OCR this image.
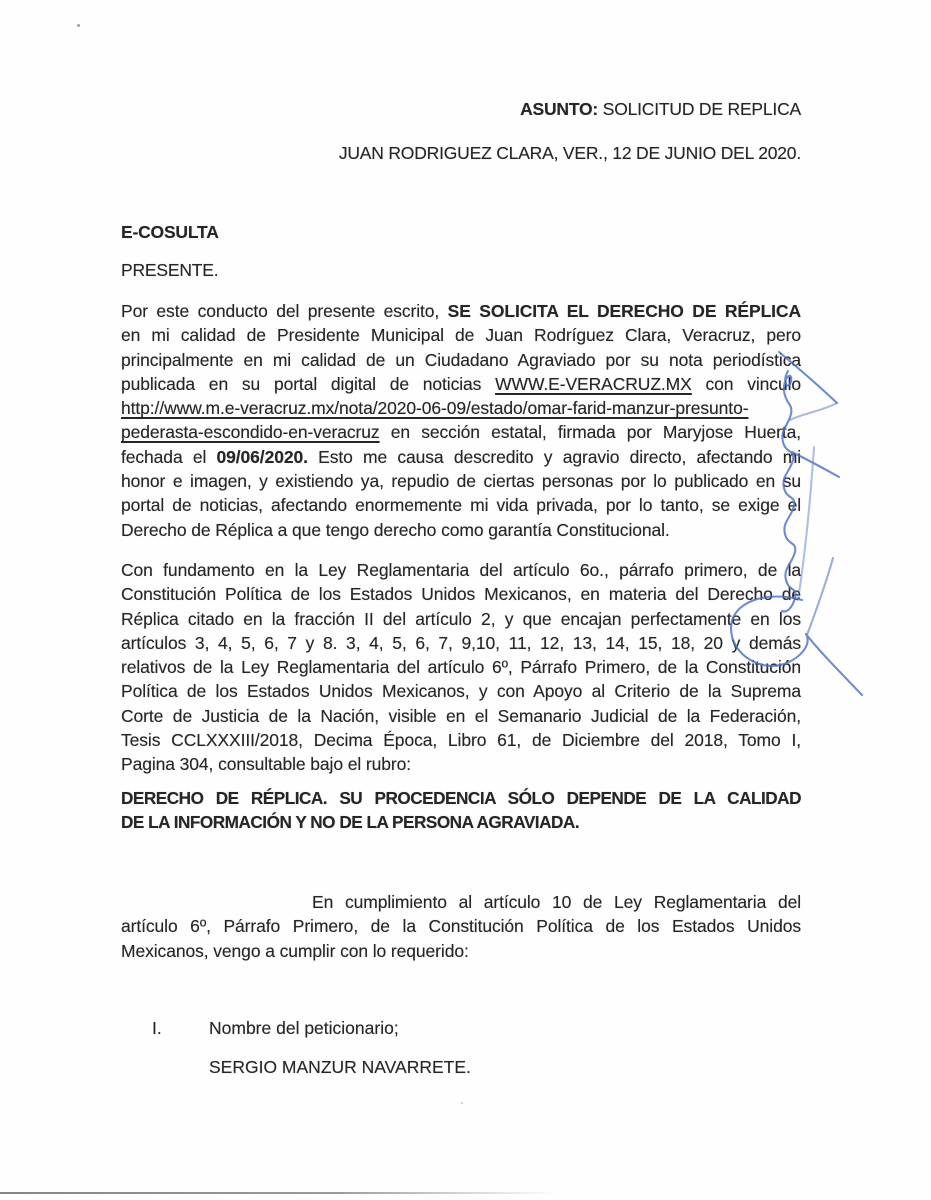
ASUNTO: SOLICITUD DE REPLICA
JUAN RODRIGUEZ CLARA, VER., 12 DE JUNIO DEL 2020.
E-COSULTA
PRESENTE.
Por este conducto del presente escrito, SE SOLICITA EL DERECHO DE RÉPLICA
en mi calidad de Presidente Municipal de Juan Rodríguez Clara, Veracruz, pero
principalmente en mi calidad de un Ciudadano Agraviado por su nota periodística
publicada en su portal digital de noticias WWW.E-VERACRUZ.MX con vinculo
http://www.m.e-veracruz.mx/nota/2020-06-09/estado/omar-farid-manzur-presunto-
pederasta-escondido-en-veracruz en sección estatal, firmada por Maryjose Huerta,
fechada el 09/06/2020. Esto me causa descredito y agravio directo, afectando mi
honor e imagen, y existiendo ya, repudio de ciertas personas por lo publicado en su
portal de noticias, afectando enormemente mi vida privada, por lo tanto, se exige el
Derecho de Réplica a que tengo derecho como garantía Constitucional.
Con fundamento en la Ley Reglamentaria del artículo 6o., párrafo primero, de la
Constitución Política de los Estados Unidos Mexicanos, en materia del Derecho de
Réplica citado en la fracción II del artículo 2, y que encajan perfectamente en los
artículos 3, 4, 5, 6, 7 y 8. 3, 4, 5, 6, 7, 9,10, 11, 12, 13, 14, 15, 18, 20 y demás
relativos de la Ley Reglamentaria del artículo 6º, Párrafo Primero, de la Constitución
Política de los Estados Unidos Mexicanos, y con Apoyo al Criterio de la Suprema
Corte de Justicia de la Nación, visible en el Semanario Judicial de la Federación,
Tesis CCLXXXIII/2018, Decima Época, Libro 61, de Diciembre del 2018, Tomo I,
Pagina 304, consultable bajo el rubro:
DERECHO DE RÉPLICA. SU PROCEDENCIA SÓLO DEPENDE DE LA CALIDAD
DE LA INFORMACIÓN Y NO DE LA PERSONA AGRAVIADA.
En cumplimiento al artículo 10 de Ley Reglamentaria del
artículo 6º, Párrafo Primero, de la Constitución Política de los Estados Unidos
Mexicanos, vengo a cumplir con lo requerido:
I.	Nombre del peticionario;
SERGIO MANZUR NAVARRETE.
